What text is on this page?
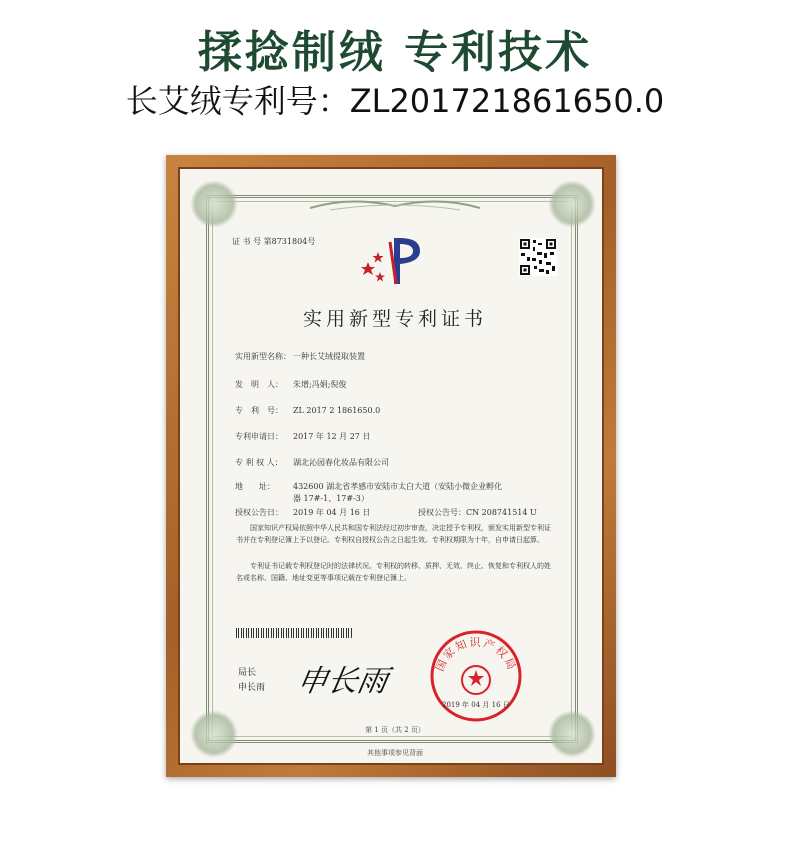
揉捻制绒 专利技术
长艾绒专利号：ZL201721861650.0
证 书 号 第8731804号
实用新型专利证书
实用新型名称： 一种长艾绒提取装置
发　明　人： 朱增;冯娟;倪俊
专　利　号： ZL 2017 2 1861650.0
专利申请日： 2017 年 12 月 27 日
专 利 权 人： 湖北沁园春化妆品有限公司
地　　址：	432600 湖北省孝感市安陆市太白大道（安陆小微企业孵化器 17#-1、17#-3）
授权公告日： 2019 年 04 月 16 日	授权公告号：CN 208741514 U
国家知识产权局依照中华人民共和国专利法经过初步审查，决定授予专利权，颁发实用新型专利证书并在专利登记簿上予以登记。专利权自授权公告之日起生效。专利权期限为十年，自申请日起算。
专利证书记载专利权登记时的法律状况。专利权的转移、质押、无效、终止、恢复和专利权人的姓名或名称、国籍、地址变更等事项记载在专利登记簿上。
局长
申长雨 申长雨	国家知识产权局
2019 年 04 月 16 日
第 1 页（共 2 页）
其他事项参见背面
